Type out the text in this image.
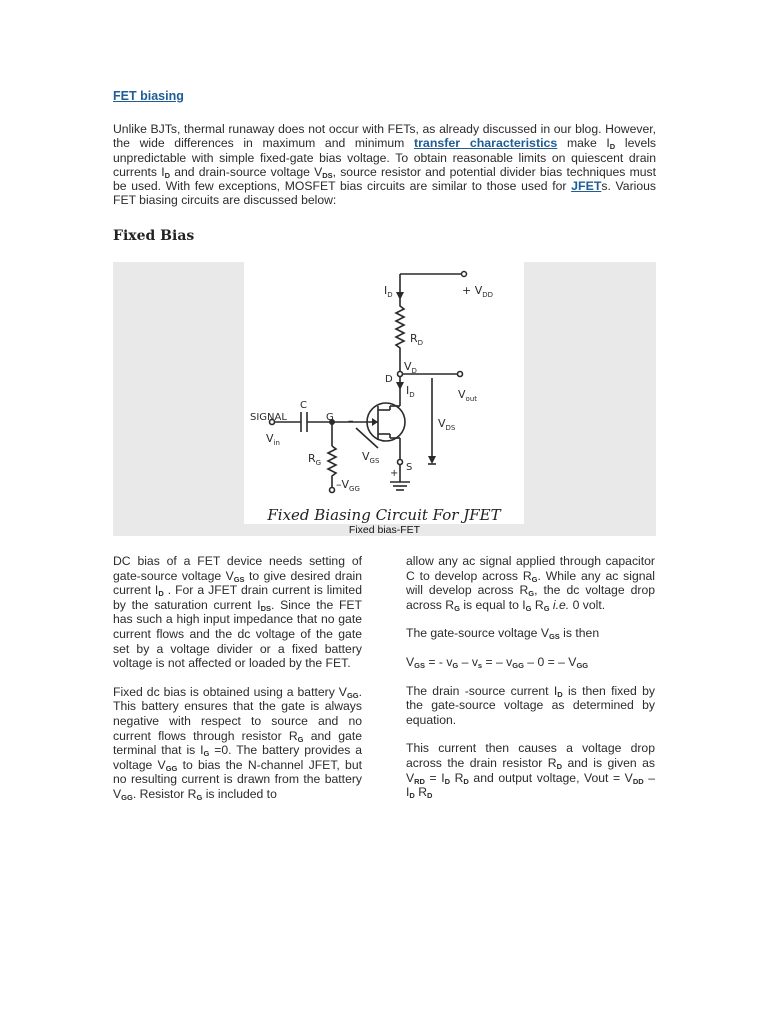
FET biasing
Unlike BJTs, thermal runaway does not occur with FETs, as already discussed in our blog. However, the wide differences in maximum and minimum transfer characteristics make $I_D$ levels unpredictable with simple fixed-gate bias voltage. To obtain reasonable limits on quiescent drain currents $I_D$ and drain-source voltage $V_{DS}$, source resistor and potential divider bias techniques must be used. With few exceptions, MOSFET bias circuits are similar to those used for JFETs. Various FET biasing circuits are discussed below:
Fixed Bias
$I_D$	+ $V_{DD}$
$R_D$
$V_D$
D
$I_D$	$V_{out}$
SIGNAL
C
G –
$V_{in}$
$V_{DS}$
$R_G$	$V_{GS}$
S
+
$-V_{GG}$
Fixed Biasing Circuit For JFET
Fixed bias-FET

DC bias of a FET device needs setting of gate-source voltage $V_{GS}$ to give desired drain current $I_D$ . For a JFET drain current is limited by the saturation current $I_{DS}$. Since the FET has such a high input impedance that no gate current flows and the dc voltage of the gate set by a voltage divider or a fixed battery voltage is not affected or loaded by the FET.

Fixed dc bias is obtained using a battery $V_{GG}$. This battery ensures that the gate is always negative with respect to source and no current flows through resistor $R_G$ and gate terminal that is $I_G =0$. The battery provides a voltage $V_{GG}$ to bias the N-channel JFET, but no resulting current is drawn from the battery $V_{GG}$. Resistor $R_G$ is included to

allow any ac signal applied through capacitor C to develop across $R_G$. While any ac signal will develop across $R_G$, the dc voltage drop across $R_G$ is equal to $I_G$ $R_G$ i.e. 0 volt.

The gate-source voltage $V_{GS}$ is then

$V_{GS}$ = - $v_G - v_s$ = – $v_{GG} - 0$ = – $V_{GG}$

The drain -source current $I_D$ is then fixed by the gate-source voltage as determined by equation.

This current then causes a voltage drop across the drain resistor $R_D$ and is given as $V_{RD} = I_D$ $R_D$ and output voltage, Vout = $V_{DD} - I_D$ $R_D$
